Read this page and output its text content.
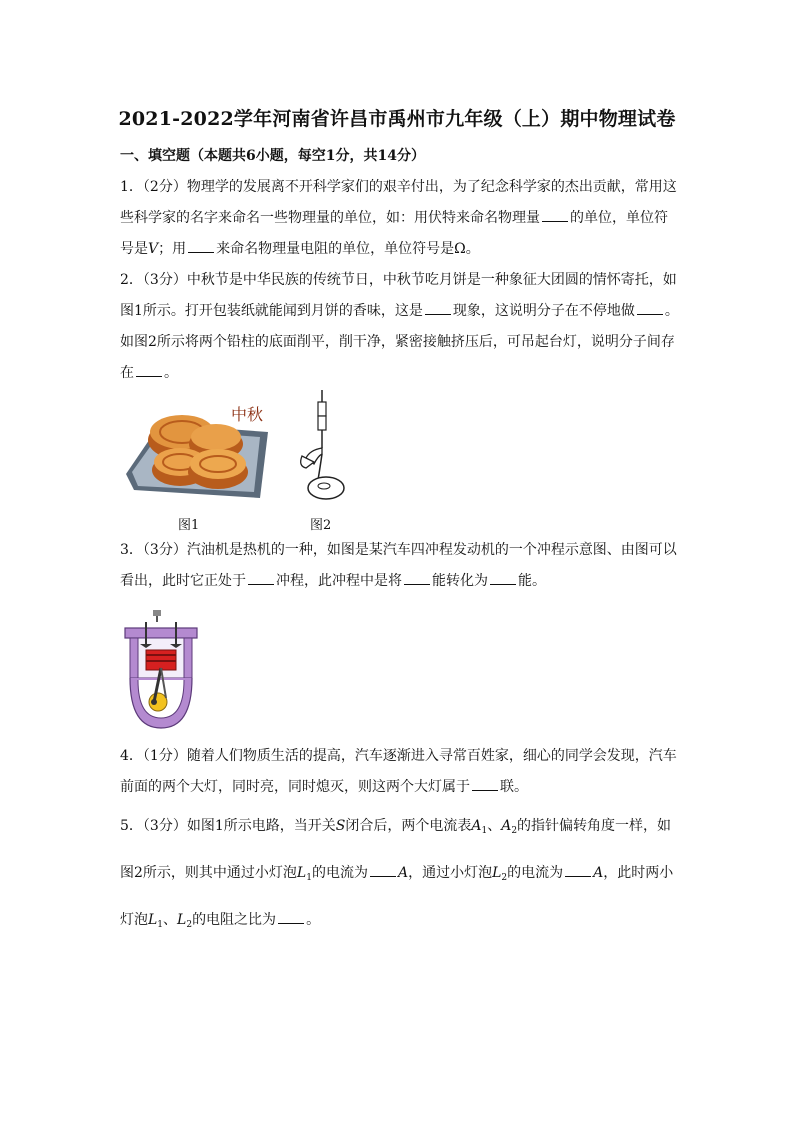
2021-2022学年河南省许昌市禹州市九年级（上）期中物理试卷
一、填空题（本题共6小题，每空1分，共14分）
1．（2分）物理学的发展离不开科学家们的艰辛付出，为了纪念科学家的杰出贡献，常用这些科学家的名字来命名一些物理量的单位，如：用伏特来命名物理量 的单位，单位符号是V；用 来命名物理量电阻的单位，单位符号是Ω。
2．（3分）中秋节是中华民族的传统节日，中秋节吃月饼是一种象征大团圆的情怀寄托，如图1所示。打开包装纸就能闻到月饼的香味，这是 现象，这说明分子在不停地做 。如图2所示将两个铅柱的底面削平，削干净，紧密接触挤压后，可吊起台灯，说明分子间存在 。
中秋
图1	图2
3．（3分）汽油机是热机的一种，如图是某汽车四冲程发动机的一个冲程示意图、由图可以看出，此时它正处于 冲程，此冲程中是将 能转化为 能。
4．（1分）随着人们物质生活的提高，汽车逐渐进入寻常百姓家，细心的同学会发现，汽车前面的两个大灯，同时亮，同时熄灭，则这两个大灯属于 联。
5．（3分）如图1所示电路，当开关S闭合后，两个电流表$A_1$、$A_2$的指针偏转角度一样，如图2所示，则其中通过小灯泡$L_1$的电流为 A，通过小灯泡$L_2$的电流为 A，此时两小灯泡$L_1$、$L_2$的电阻之比为 。
